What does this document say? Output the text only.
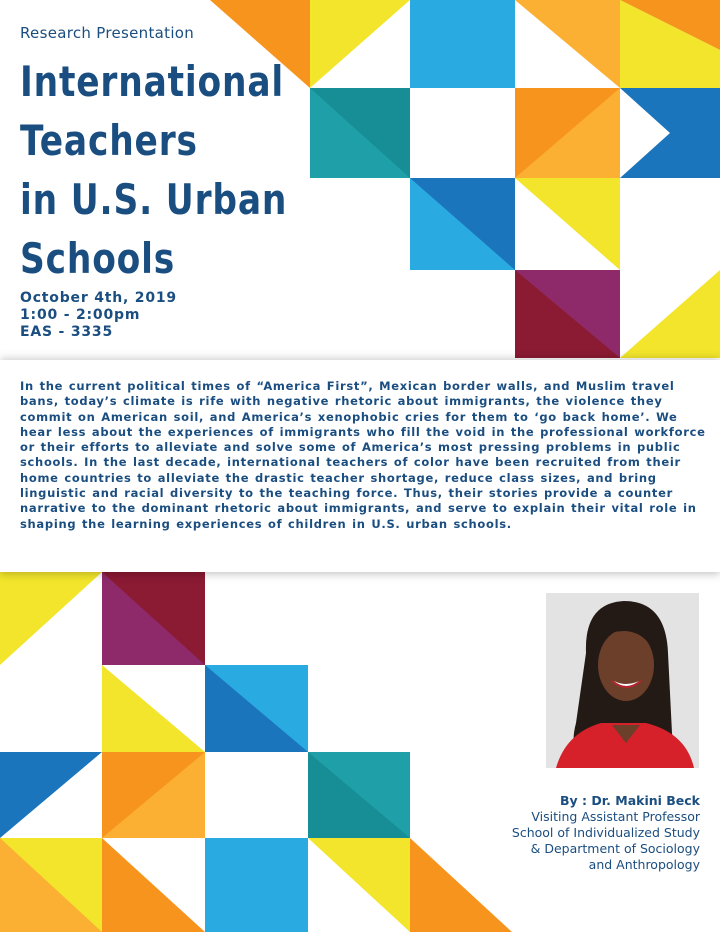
Research Presentation
International
Teachers
in U.S. Urban
Schools
October 4th, 2019
1:00 - 2:00pm
EAS - 3335

In the current political times of “America First”, Mexican border walls, and Muslim travel bans, today’s climate is rife with negative rhetoric about immigrants, the violence they commit on American soil, and America’s xenophobic cries for them to ‘go back home’. We hear less about the experiences of immigrants who fill the void in the professional workforce or their efforts to alleviate and solve some of America’s most pressing problems in public schools. In the last decade, international teachers of color have been recruited from their home countries to alleviate the drastic teacher shortage, reduce class sizes, and bring linguistic and racial diversity to the teaching force. Thus, their stories provide a counter narrative to the dominant rhetoric about immigrants, and serve to explain their vital role in shaping the learning experiences of children in U.S. urban schools.

By : Dr. Makini Beck
Visiting Assistant Professor
School of Individualized Study
& Department of Sociology
and Anthropology
